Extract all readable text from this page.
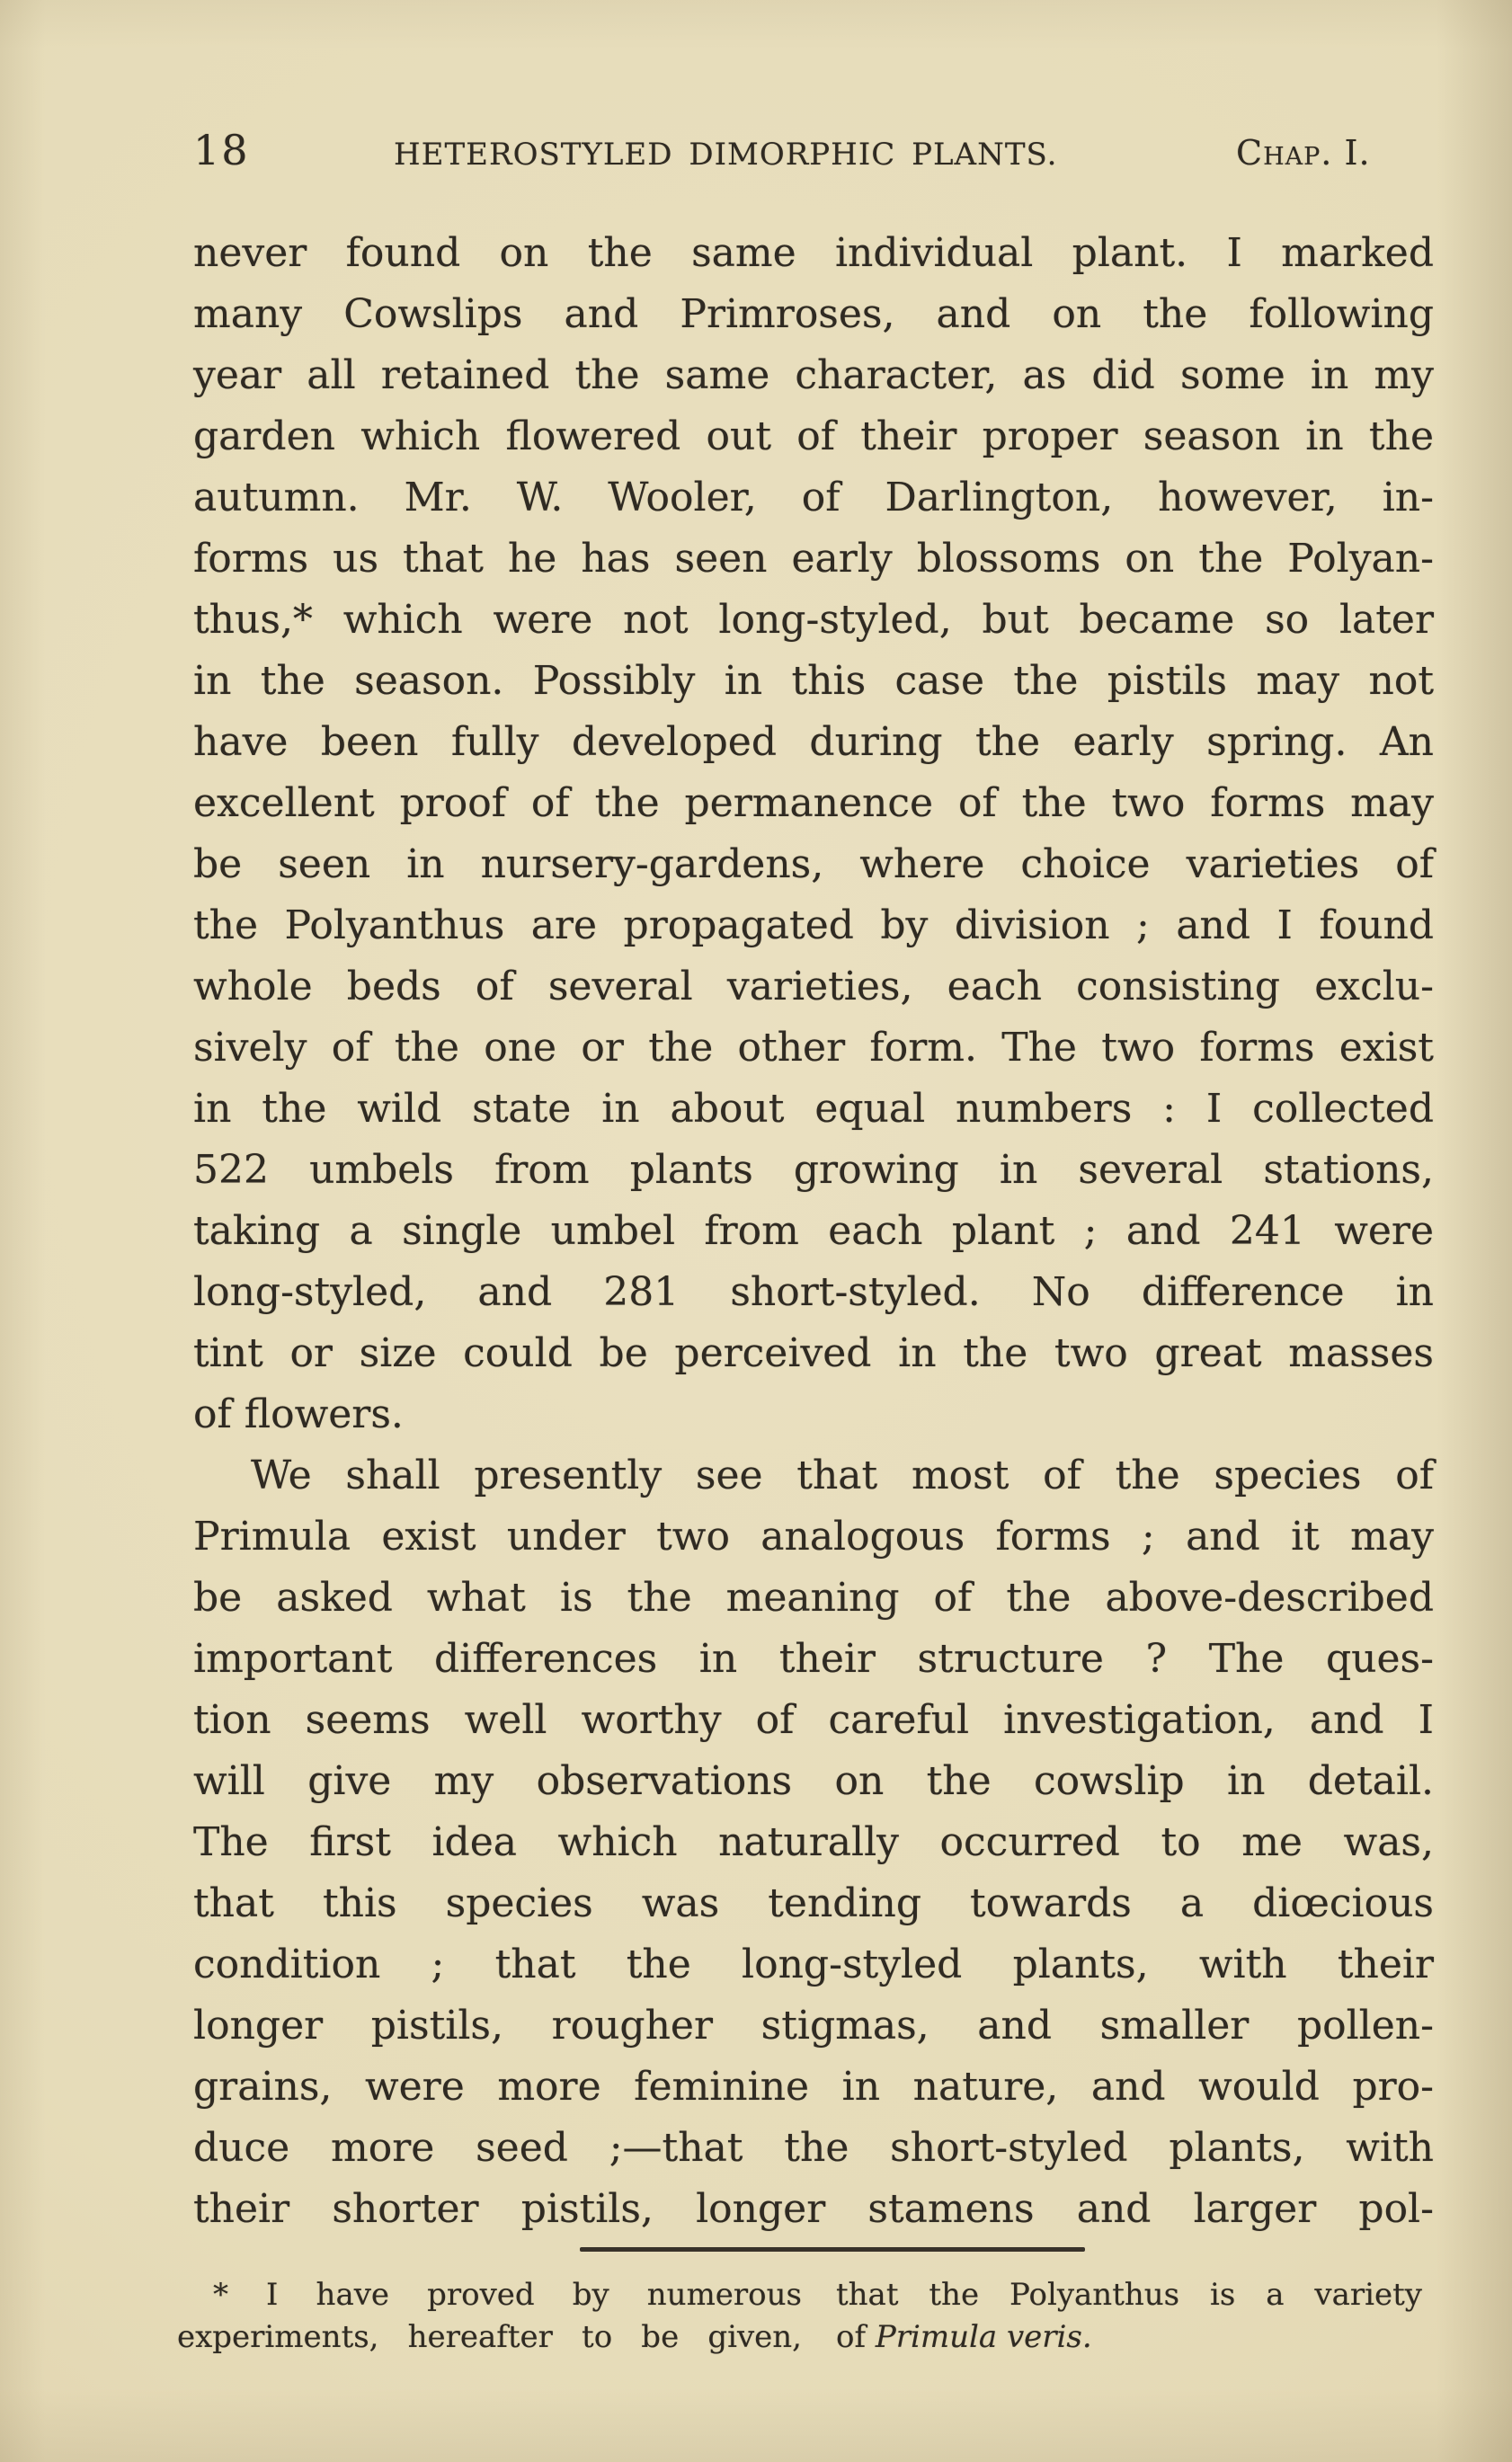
18	HETEROSTYLED DIMORPHIC PLANTS.	Chap. I.
never found on the same individual plant. I marked
many Cowslips and Primroses, and on the following
year all retained the same character, as did some in my
garden which flowered out of their proper season in the
autumn. Mr. W. Wooler, of Darlington, however, in-
forms us that he has seen early blossoms on the Polyan-
thus,* which were not long-styled, but became so later
in the season. Possibly in this case the pistils may not
have been fully developed during the early spring. An
excellent proof of the permanence of the two forms may
be seen in nursery-gardens, where choice varieties of
the Polyanthus are propagated by division ; and I found
whole beds of several varieties, each consisting exclu-
sively of the one or the other form. The two forms exist
in the wild state in about equal numbers : I collected
522 umbels from plants growing in several stations,
taking a single umbel from each plant ; and 241 were
long-styled, and 281 short-styled. No difference in
tint or size could be perceived in the two great masses
of flowers.
We shall presently see that most of the species of
Primula exist under two analogous forms ; and it may
be asked what is the meaning of the above-described
important differences in their structure ? The ques-
tion seems well worthy of careful investigation, and I
will give my observations on the cowslip in detail.
The first idea which naturally occurred to me was,
that this species was tending towards a diœcious
condition ; that the long-styled plants, with their
longer pistils, rougher stigmas, and smaller pollen-
grains, were more feminine in nature, and would pro-
duce more seed ;—that the short-styled plants, with
their shorter pistils, longer stamens and larger pol-
* I have proved by numerous
experiments, hereafter to be given,
that the Polyanthus is a variety
of Primula veris.
